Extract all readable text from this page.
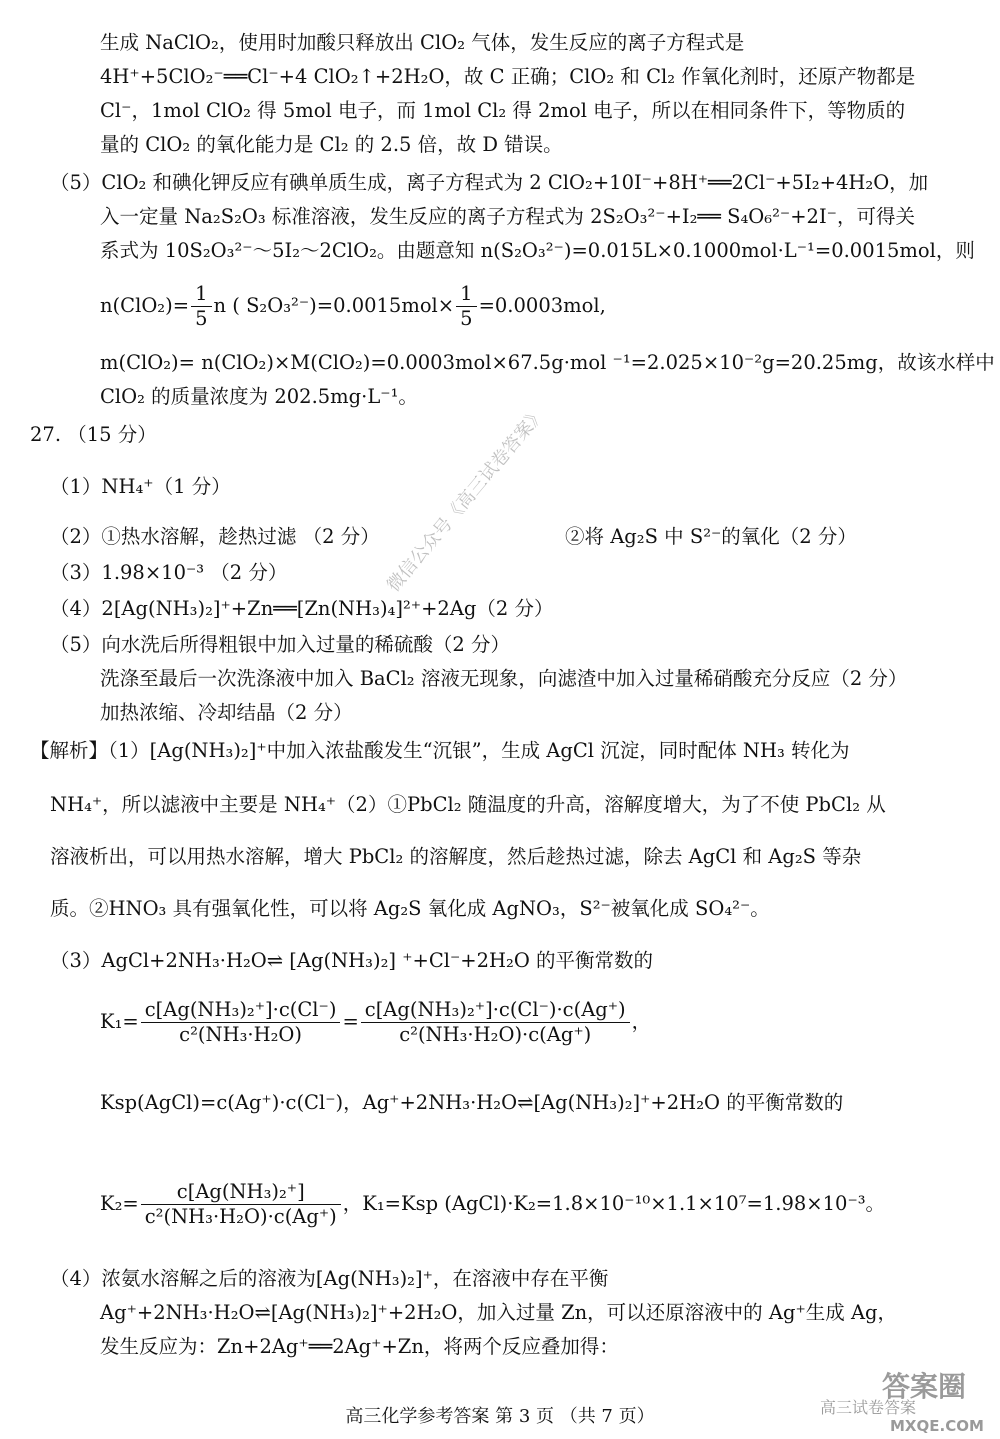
生成 NaClO₂，使用时加酸只释放出 ClO₂ 气体，发生反应的离子方程式是
4H⁺+5ClO₂⁻══Cl⁻+4 ClO₂↑+2H₂O，故 C 正确；ClO₂ 和 Cl₂ 作氧化剂时，还原产物都是
Cl⁻，1mol ClO₂ 得 5mol 电子，而 1mol Cl₂ 得 2mol 电子，所以在相同条件下，等物质的
量的 ClO₂ 的氧化能力是 Cl₂ 的 2.5 倍，故 D 错误。
（5）ClO₂ 和碘化钾反应有碘单质生成，离子方程式为 2 ClO₂+10I⁻+8H⁺══2Cl⁻+5I₂+4H₂O，加
入一定量 Na₂S₂O₃ 标准溶液，发生反应的离子方程式为 2S₂O₃²⁻+I₂══ S₄O₆²⁻+2I⁻，可得关
系式为 10S₂O₃²⁻～5I₂～2ClO₂。由题意知 n(S₂O₃²⁻)=0.015L×0.1000mol·L⁻¹=0.0015mol，则
$n(ClO_2)= \frac{1}{5}$ n ( $S_2O_3^{2-})=0.0015mol\times \frac{1}{5} =0.0003mol$,
m(ClO₂)= n(ClO₂)×M(ClO₂)=0.0003mol×67.5g·mol ⁻¹=2.025×10⁻²g=20.25mg，故该水样中
ClO₂ 的质量浓度为 202.5mg·L⁻¹。
27. （15 分）
（1）NH₄⁺（1 分）
（2）①热水溶解，趁热过滤 （2 分）	②将 Ag₂S 中 S²⁻的氧化（2 分）
（3）1.98×10⁻³ （2 分）
（4）2[Ag(NH₃)₂]⁺+Zn══[Zn(NH₃)₄]²⁺+2Ag（2 分）
（5）向水洗后所得粗银中加入过量的稀硫酸（2 分）
洗涤至最后一次洗涤液中加入 BaCl₂ 溶液无现象，向滤渣中加入过量稀硝酸充分反应（2 分）
加热浓缩、冷却结晶（2 分）
【解析】（1）[Ag(NH₃)₂]⁺中加入浓盐酸发生“沉银”，生成 AgCl 沉淀，同时配体 NH₃ 转化为
NH₄⁺，所以滤液中主要是 NH₄⁺（2）①PbCl₂ 随温度的升高，溶解度增大，为了不使 PbCl₂ 从
溶液析出，可以用热水溶解，增大 PbCl₂ 的溶解度，然后趁热过滤，除去 AgCl 和 Ag₂S 等杂
质。②HNO₃ 具有强氧化性，可以将 Ag₂S 氧化成 AgNO₃，S²⁻被氧化成 SO₄²⁻。
（3）AgCl+2NH₃·H₂O⇌ [Ag(NH₃)₂] ⁺+Cl⁻+2H₂O 的平衡常数的
$K_1= \frac{\text{c[Ag(NH₃)₂⁺]·c(Cl⁻)}}{\text{c²(NH₃·H₂O)}} = \frac{\text{c[Ag(NH₃)₂⁺]·c(Cl⁻)·c(Ag⁺)}}{\text{c²(NH₃·H₂O)·c(Ag⁺)}}$ ，
Ksp(AgCl)=c(Ag⁺)·c(Cl⁻)，Ag⁺+2NH₃·H₂O⇌[Ag(NH₃)₂]⁺+2H₂O 的平衡常数的
$K_2= \frac{\text{c[Ag(NH₃)₂⁺]}}{\text{c²(NH₃·H₂O)·c(Ag⁺)}}$ ，K₁=Ksp (AgCl)·K₂=1.8×10⁻¹⁰×1.1×10⁷=1.98×10⁻³。
（4）浓氨水溶解之后的溶液为[Ag(NH₃)₂]⁺，在溶液中存在平衡
Ag⁺+2NH₃·H₂O⇌[Ag(NH₃)₂]⁺+2H₂O，加入过量 Zn，可以还原溶液中的 Ag⁺生成 Ag，
发生反应为：Zn+2Ag⁺══2Ag⁺+Zn，将两个反应叠加得：
微信公众号《高三试卷答案》
高三化学参考答案 第 3 页 （共 7 页）
答案圈
高三试卷答案
MXQE.COM
